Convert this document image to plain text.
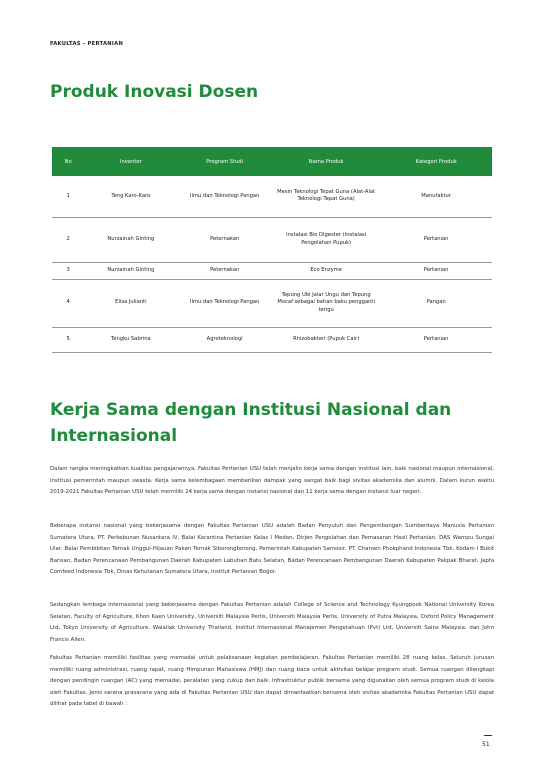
FAKULTAS - PERTANIAN
Produk Inovasi Dosen
No	Inventor	Program Studi	Nama Produk	Kategori Produk
1	Teng Karo-Karo	Ilmu dan Teknologi Pangan	Mesin Teknologi Tepat Guna (Alat-Alat Teknologi Tepat Guna)	Manufaktur
2	Nurzainah Ginting	Peternakan	Instalasi Bio Digester (Instalasi Pengolahan Pupuk)	Pertanian
3	Nurzainah Ginting	Peternakan	Eco Enzyme	Pertanian
4	Elisa Julianti	Ilmu dan Teknologi Pangan	Tepung Ubi Jalar Ungu dan Tepung Mocaf sebagai bahan baku pengganti terigu	Pangan
5	Tengku Sabrina	Agroteknologi	Rhizobakteri (Pupuk Cair)	Pertanian
Kerja Sama dengan Institusi Nasional dan Internasional

Dalam rangka meningkatkan kualitas pengajarannya, Fakultas Pertanian USU telah menjalin kerja sama dengan institusi lain, baik nasional maupun internasional, institusi pemerintah maupun swasta. Kerja sama kelembagaan memberikan dampak yang sangat baik bagi sivitas akademika dan alumni. Dalam kurun waktu 2019-2021 Fakultas Pertanian USU telah memiliki 24 kerja sama dengan instansi nasional dan 11 kerja sama dengan instansi luar negeri.

Beberapa instansi nasional yang bekerjasama dengan Fakultas Pertanian USU adalah Badan Penyuluh dan Pengembangan Sumberdaya Manusia Pertanian Sumatera Utara, PT. Perkebunan Nusantara IV, Balai Karantina Pertanian Kelas I Medan, Dirjen Pengolahan dan Pemasaran Hasil Pertanian, DAS Wampu Sungai Ular, Balai Pembibitan Ternak Unggul-Hijauan Pakan Ternak Siborongborong, Pemerintah Kabupaten Samosir, PT. Charoen Phokphand Indonesia Tbk, Kodam I Bukit Barisan, Badan Perencanaan Pembangunan Daerah Kabupaten Labuhan Batu Selatan, Badan Perencanaan Pembangunan Daerah Kabupaten Pakpak Bharat, Japfa Comfeed Indonesia Tbk, Dinas Kehutanan Sumatera Utara, Institut Pertanian Bogor.

Sedangkan lembaga internasional yang bekerjasama dengan Fakultas Pertanian adalah College of Science and Technology Kyungpook National University Korea Selatan, Faculty of Agriculture, Khon Kaen University, Universiti Malaysia Perlis, Universiti Malaysia Perlis, University of Putra Malaysia, Oxford Policy Management Ltd, Tokyo University of Agriculture, Walailak University Thailand, Institut Internasional Manajemen Pengetahuan (Pvt) Ltd, Universiti Sains Malaysia, dan John Francis Allen.

Fakultas Pertanian memiliki fasilitas yang memadai untuk pelaksanaan kegiatan pembelajaran. Fakultas Pertanian memiliki 28 ruang kelas. Seluruh jurusan memiliki ruang administrasi, ruang rapat, ruang Himpunan Mahasiswa (HMJ) dan ruang baca untuk aktivitas belajar program studi. Semua ruangan dilengkapi dengan pendingin ruangan (AC) yang memadai, peralatan yang cukup dan baik. Infrastruktur publik bersama yang digunakan oleh semua program studi di kelola oleh Fakultas. Jenis sarana prasarana yang ada di Fakultas Pertanian USU dan dapat dimanfaatkan bersama oleh sivitas akademika Fakultas Pertanian USU dapat dilihat pada tabel di bawah :

51
